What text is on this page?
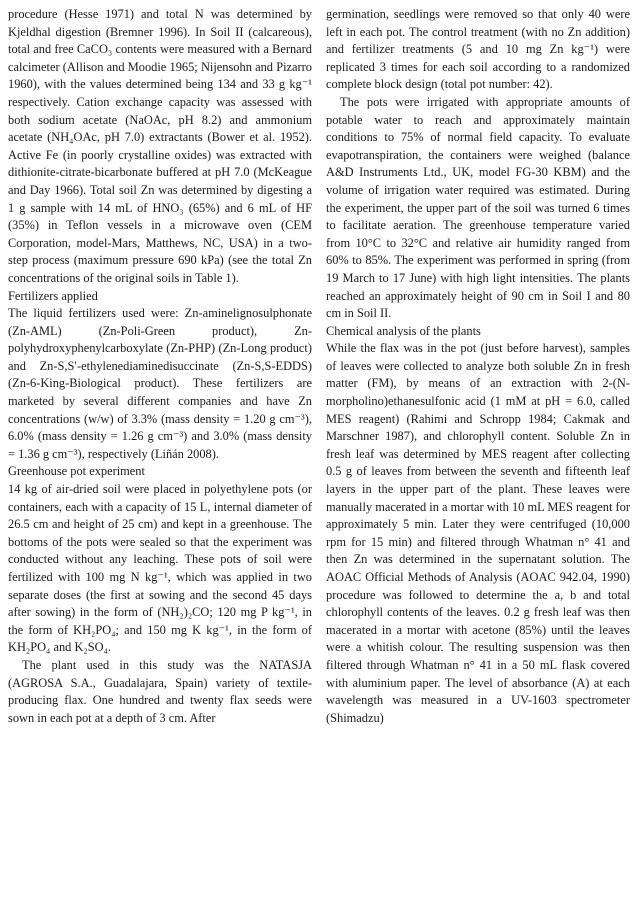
procedure (Hesse 1971) and total N was determined by Kjeldhal digestion (Bremner 1996). In Soil II (calcareous), total and free CaCO₃ contents were measured with a Bernard calcimeter (Allison and Moodie 1965; Nijensohn and Pizarro 1960), with the values determined being 134 and 33 g kg⁻¹ respectively. Cation exchange capacity was assessed with both sodium acetate (NaOAc, pH 8.2) and ammonium acetate (NH₄OAc, pH 7.0) extractants (Bower et al. 1952). Active Fe (in poorly crystalline oxides) was extracted with dithionite-citrate-bicarbonate buffered at pH 7.0 (McKeague and Day 1966). Total soil Zn was determined by digesting a 1 g sample with 14 mL of HNO₃ (65%) and 6 mL of HF (35%) in Teflon vessels in a microwave oven (CEM Corporation, model-Mars, Matthews, NC, USA) in a two-step process (maximum pressure 690 kPa) (see the total Zn concentrations of the original soils in Table 1).

Fertilizers applied

The liquid fertilizers used were: Zn-aminelignosulphonate (Zn-AML) (Zn-Poli-Green product), Zn-polyhydroxyphenylcarboxylate (Zn-PHP) (Zn-Long product) and Zn-S,S′-ethylenediaminedisuccinate (Zn-S,S-EDDS) (Zn-6-King-Biological product). These fertilizers are marketed by several different companies and have Zn concentrations (w/w) of 3.3% (mass density = 1.20 g cm⁻³), 6.0% (mass density = 1.26 g cm⁻³) and 3.0% (mass density = 1.36 g cm⁻³), respectively (Liñán 2008).

Greenhouse pot experiment

14 kg of air-dried soil were placed in polyethylene pots (or containers, each with a capacity of 15 L, internal diameter of 26.5 cm and height of 25 cm) and kept in a greenhouse. The bottoms of the pots were sealed so that the experiment was conducted without any leaching. These pots of soil were fertilized with 100 mg N kg⁻¹, which was applied in two separate doses (the first at sowing and the second 45 days after sowing) in the form of (NH₂)₂CO; 120 mg P kg⁻¹, in the form of KH₂PO₄; and 150 mg K kg⁻¹, in the form of KH₂PO₄ and K₂SO₄.

The plant used in this study was the NATASJA (AGROSA S.A., Guadalajara, Spain) variety of textile-producing flax. One hundred and twenty flax seeds were sown in each pot at a depth of 3 cm. After

germination, seedlings were removed so that only 40 were left in each pot. The control treatment (with no Zn addition) and fertilizer treatments (5 and 10 mg Zn kg⁻¹) were replicated 3 times for each soil according to a randomized complete block design (total pot number: 42).

The pots were irrigated with appropriate amounts of potable water to reach and approximately maintain conditions to 75% of normal field capacity. To evaluate evapotranspiration, the containers were weighed (balance A&D Instruments Ltd., UK, model FG-30 KBM) and the volume of irrigation water required was estimated. During the experiment, the upper part of the soil was turned 6 times to facilitate aeration. The greenhouse temperature varied from 10°C to 32°C and relative air humidity ranged from 60% to 85%. The experiment was performed in spring (from 19 March to 17 June) with high light intensities. The plants reached an approximately height of 90 cm in Soil I and 80 cm in Soil II.

Chemical analysis of the plants

While the flax was in the pot (just before harvest), samples of leaves were collected to analyze both soluble Zn in fresh matter (FM), by means of an extraction with 2-(N-morpholino)ethanesulfonic acid (1 mM at pH = 6.0, called MES reagent) (Rahimi and Schropp 1984; Cakmak and Marschner 1987), and chlorophyll content. Soluble Zn in fresh leaf was determined by MES reagent after collecting 0.5 g of leaves from between the seventh and fifteenth leaf layers in the upper part of the plant. These leaves were manually macerated in a mortar with 10 mL MES reagent for approximately 5 min. Later they were centrifuged (10,000 rpm for 15 min) and filtered through Whatman n° 41 and then Zn was determined in the supernatant solution. The AOAC Official Methods of Analysis (AOAC 942.04, 1990) procedure was followed to determine the a, b and total chlorophyll contents of the leaves. 0.2 g fresh leaf was then macerated in a mortar with acetone (85%) until the leaves were a whitish colour. The resulting suspension was then filtered through Whatman n° 41 in a 50 mL flask covered with aluminium paper. The level of absorbance (A) at each wavelength was measured in a UV-1603 spectrometer (Shimadzu)
